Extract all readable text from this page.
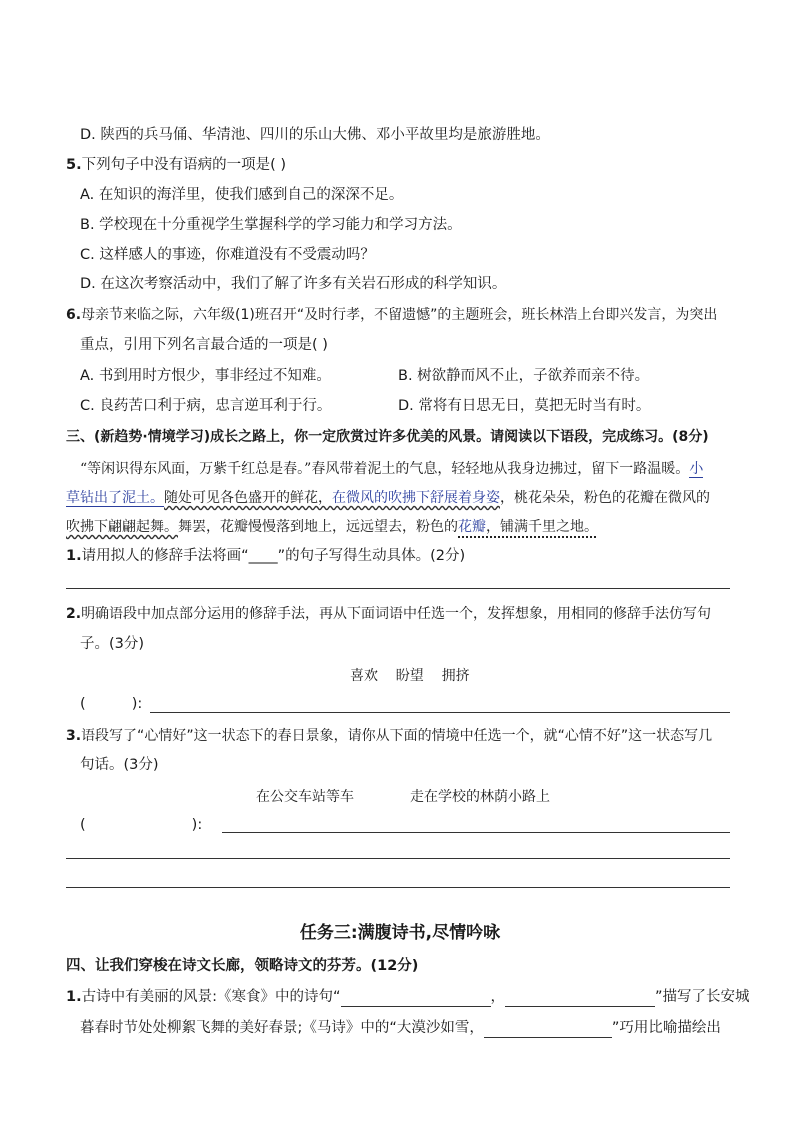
D. 陕西的兵马俑、华清池、四川的乐山大佛、邓小平故里均是旅游胜地。
5.下列句子中没有语病的一项是( )
A. 在知识的海洋里，使我们感到自己的深深不足。
B. 学校现在十分重视学生掌握科学的学习能力和学习方法。
C. 这样感人的事迹，你难道没有不受震动吗？
D. 在这次考察活动中，我们了解了许多有关岩石形成的科学知识。
6.母亲节来临之际，六年级(1)班召开“及时行孝，不留遗憾”的主题班会，班长林浩上台即兴发言，为突出
重点，引用下列名言最合适的一项是( )
A. 书到用时方恨少，事非经过不知难。	B. 树欲静而风不止，子欲养而亲不待。
C. 良药苦口利于病，忠言逆耳利于行。	D. 常将有日思无日，莫把无时当有时。
三、(新趋势·情境学习)成长之路上，你一定欣赏过许多优美的风景。请阅读以下语段，完成练习。(8分)
“等闲识得东风面，万紫千红总是春。”春风带着泥土的气息，轻轻地从我身边拂过，留下一路温暖。小
草钻出了泥土。随处可见各色盛开的鲜花，在微风的吹拂下舒展着身姿，桃花朵朵，粉色的花瓣在微风的
吹拂下翩翩起舞。舞罢，花瓣慢慢落到地上，远远望去，粉色的花瓣，铺满千里之地。
1.请用拟人的修辞手法将画“____”的句子写得生动具体。(2分)
2.明确语段中加点部分运用的修辞手法，再从下面词语中任选一个，发挥想象，用相同的修辞手法仿写句
子。(3分)
喜欢    盼望    拥挤
(          ):
3.语段写了“心情好”这一状态下的春日景象，请你从下面的情境中任选一个，就“心情不好”这一状态写几
句话。(3分)
在公交车站等车	走在学校的林荫小路上
(                       ):
任务三:满腹诗书,尽情吟咏
四、让我们穿梭在诗文长廊，领略诗文的芬芳。(12分)
1.古诗中有美丽的风景:《寒食》中的诗句“	，	”描写了长安城
暮春时节处处柳絮飞舞的美好春景;《马诗》中的“大漠沙如雪，	”巧用比喻描绘出
